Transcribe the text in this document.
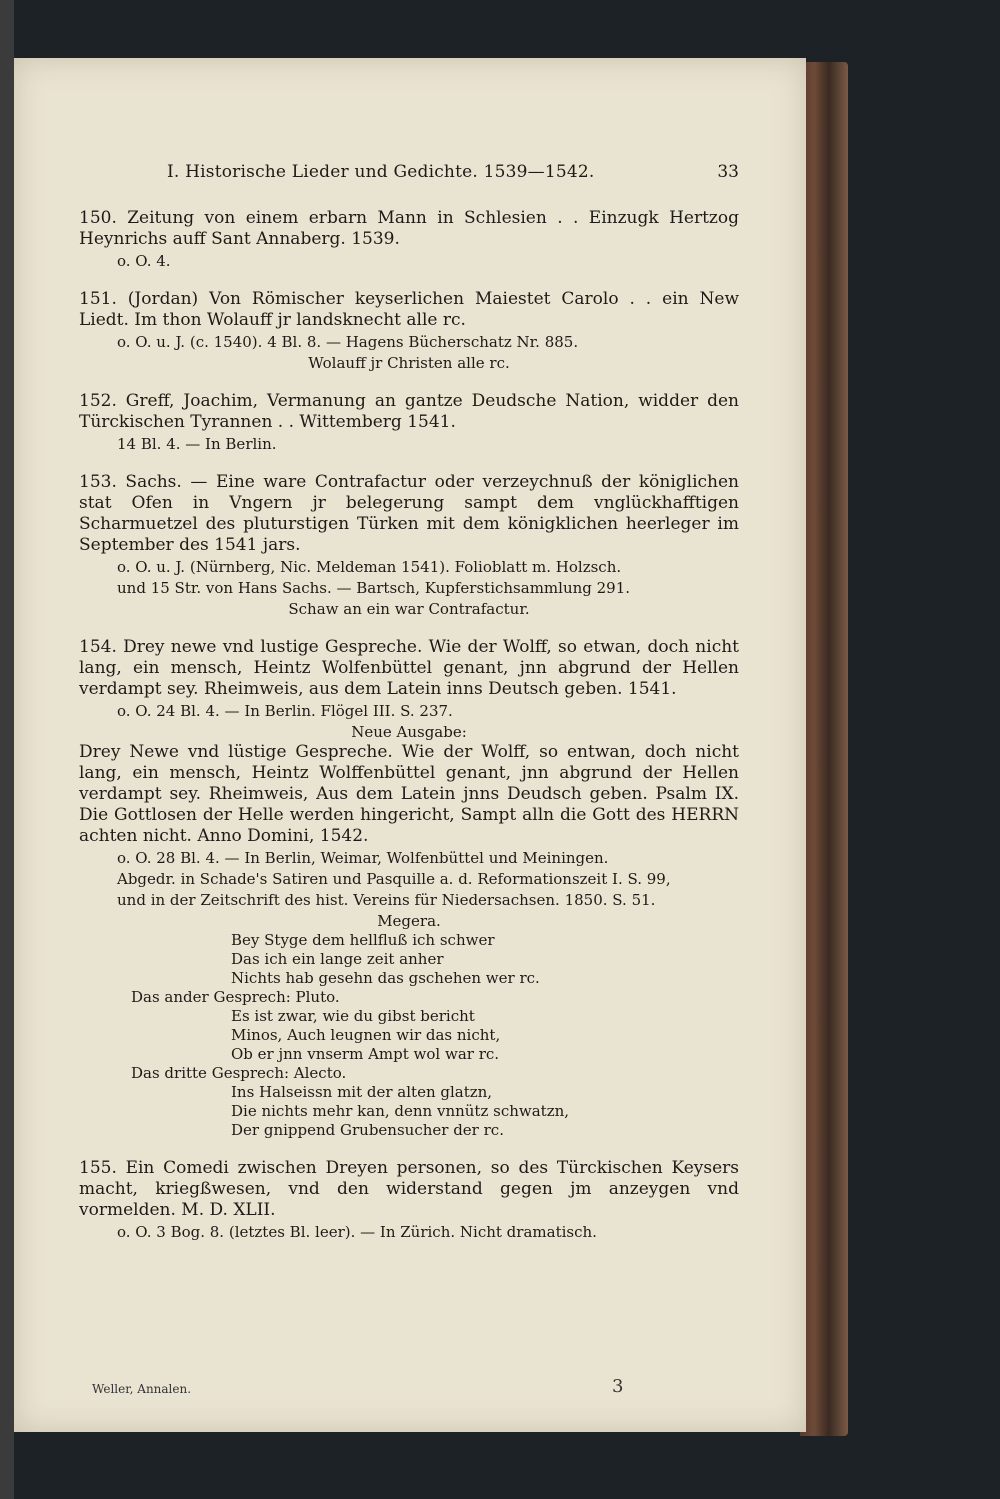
I. Historische Lieder und Gedichte. 1539—1542.	33

150. Zeitung von einem erbarn Mann in Schlesien . . Einzugk Hertzog Heynrichs auff Sant Annaberg. 1539.

o. O. 4.

151. (Jordan) Von Römischer keyserlichen Maiestet Carolo . . ein New Liedt. Im thon Wolauff jr landsknecht alle rc.

o. O. u. J. (c. 1540). 4 Bl. 8. — Hagens Bücherschatz Nr. 885.
Wolauff jr Christen alle rc.

152. Greff, Joachim, Vermanung an gantze Deudsche Nation, widder den Türckischen Tyrannen . . Wittemberg 1541.

14 Bl. 4. — In Berlin.

153. Sachs. — Eine ware Contrafactur oder verzeychnuß der königlichen stat Ofen in Vngern jr belegerung sampt dem vnglückhafftigen Scharmuetzel des pluturstigen Türken mit dem königklichen heerleger im September des 1541 jars.

o. O. u. J. (Nürnberg, Nic. Meldeman 1541). Folioblatt m. Holzsch.
und 15 Str. von Hans Sachs. — Bartsch, Kupferstichsammlung 291.
Schaw an ein war Contrafactur.

154. Drey newe vnd lustige Gespreche. Wie der Wolff, so etwan, doch nicht lang, ein mensch, Heintz Wolfenbüttel genant, jnn abgrund der Hellen verdampt sey. Rheimweis, aus dem Latein inns Deutsch geben. 1541.

o. O. 24 Bl. 4. — In Berlin. Flögel III. S. 237.
Neue Ausgabe:

Drey Newe vnd lüstige Gespreche. Wie der Wolff, so entwan, doch nicht lang, ein mensch, Heintz Wolffenbüttel genant, jnn abgrund der Hellen verdampt sey. Rheimweis, Aus dem Latein jnns Deudsch geben. Psalm IX. Die Gottlosen der Helle werden hingericht, Sampt alln die Gott des HERRN achten nicht. Anno Domini, 1542.

o. O. 28 Bl. 4. — In Berlin, Weimar, Wolfenbüttel und Meiningen.
Abgedr. in Schade's Satiren und Pasquille a. d. Reformationszeit I. S. 99,
und in der Zeitschrift des hist. Vereins für Niedersachsen. 1850. S. 51.
Megera.
Bey Styge dem hellfluß ich schwer
Das ich ein lange zeit anher
Nichts hab gesehn das gschehen wer rc.
Das ander Gesprech: Pluto.
Es ist zwar, wie du gibst bericht
Minos, Auch leugnen wir das nicht,
Ob er jnn vnserm Ampt wol war rc.
Das dritte Gesprech: Alecto.
Ins Halseissn mit der alten glatzn,
Die nichts mehr kan, denn vnnütz schwatzn,
Der gnippend Grubensucher der rc.

155. Ein Comedi zwischen Dreyen personen, so des Türckischen Keysers macht, kriegßwesen, vnd den widerstand gegen jm anzeygen vnd vormelden. M. D. XLII.

o. O. 3 Bog. 8. (letztes Bl. leer). — In Zürich. Nicht dramatisch.
Weller, Annalen.	3
